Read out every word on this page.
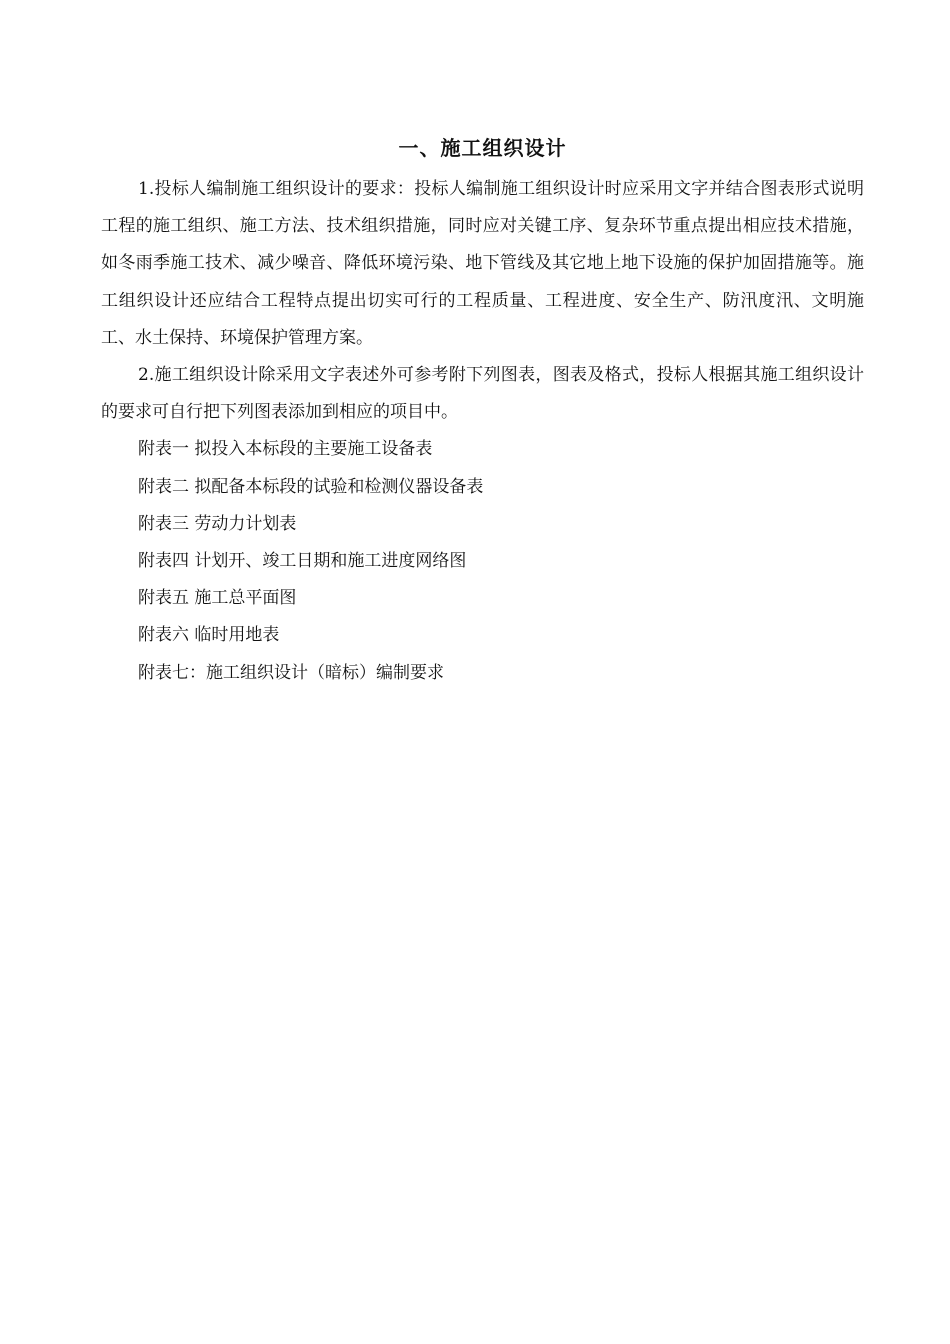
一、施工组织设计

1.投标人编制施工组织设计的要求：投标人编制施工组织设计时应采用文字并结合图表形式说明工程的施工组织、施工方法、技术组织措施，同时应对关键工序、复杂环节重点提出相应技术措施，如冬雨季施工技术、减少噪音、降低环境污染、地下管线及其它地上地下设施的保护加固措施等。施工组织设计还应结合工程特点提出切实可行的工程质量、工程进度、安全生产、防汛度汛、文明施工、水土保持、环境保护管理方案。

2.施工组织设计除采用文字表述外可参考附下列图表，图表及格式，投标人根据其施工组织设计的要求可自行把下列图表添加到相应的项目中。

附表一 拟投入本标段的主要施工设备表
附表二 拟配备本标段的试验和检测仪器设备表
附表三 劳动力计划表
附表四 计划开、竣工日期和施工进度网络图
附表五 施工总平面图
附表六 临时用地表
附表七：施工组织设计（暗标）编制要求
